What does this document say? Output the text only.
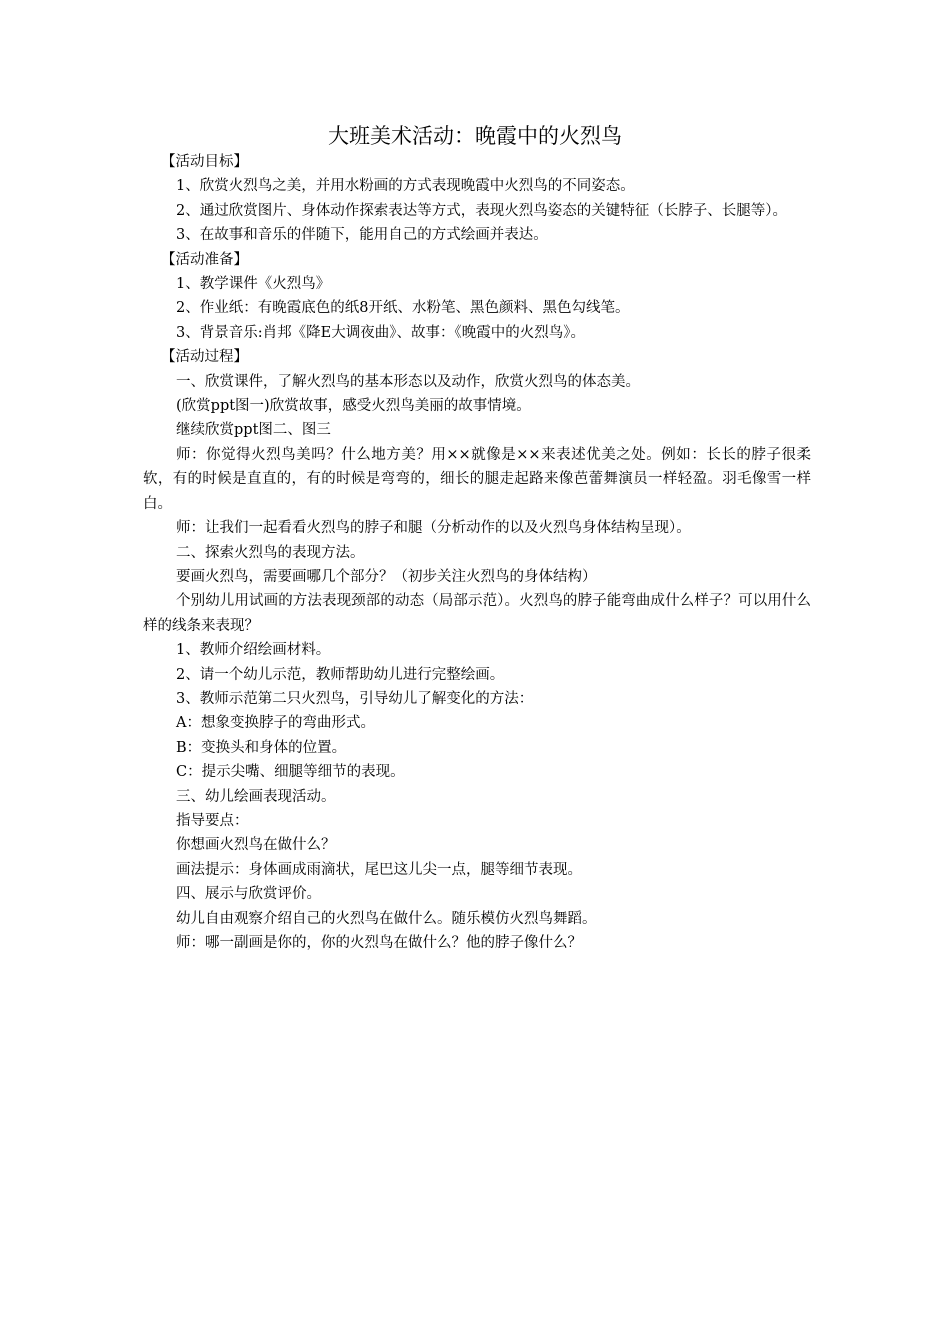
大班美术活动：晚霞中的火烈鸟
【活动目标】
1、欣赏火烈鸟之美，并用水粉画的方式表现晚霞中火烈鸟的不同姿态。
2、通过欣赏图片、身体动作探索表达等方式，表现火烈鸟姿态的关键特征（长脖子、长腿等）。
3、在故事和音乐的伴随下，能用自己的方式绘画并表达。
【活动准备】
1、教学课件《火烈鸟》
2、作业纸：有晚霞底色的纸8开纸、水粉笔、黑色颜料、黑色勾线笔。
3、背景音乐:肖邦《降E大调夜曲》、故事：《晚霞中的火烈鸟》。
【活动过程】
一、欣赏课件，了解火烈鸟的基本形态以及动作，欣赏火烈鸟的体态美。
(欣赏ppt图一)欣赏故事，感受火烈鸟美丽的故事情境。
继续欣赏ppt图二、图三
师：你觉得火烈鸟美吗？什么地方美？用××就像是××来表述优美之处。例如：长长的脖子很柔软，有的时候是直直的，有的时候是弯弯的，细长的腿走起路来像芭蕾舞演员一样轻盈。羽毛像雪一样白。
师：让我们一起看看火烈鸟的脖子和腿（分析动作的以及火烈鸟身体结构呈现）。
二、探索火烈鸟的表现方法。
要画火烈鸟，需要画哪几个部分？（初步关注火烈鸟的身体结构）
个别幼儿用试画的方法表现颈部的动态（局部示范）。火烈鸟的脖子能弯曲成什么样子？可以用什么样的线条来表现？
1、教师介绍绘画材料。
2、请一个幼儿示范，教师帮助幼儿进行完整绘画。
3、教师示范第二只火烈鸟，引导幼儿了解变化的方法：
A：想象变换脖子的弯曲形式。
B：变换头和身体的位置。
C：提示尖嘴、细腿等细节的表现。
三、幼儿绘画表现活动。
指导要点：
你想画火烈鸟在做什么？
画法提示：身体画成雨滴状，尾巴这儿尖一点，腿等细节表现。
四、展示与欣赏评价。
幼儿自由观察介绍自己的火烈鸟在做什么。随乐模仿火烈鸟舞蹈。
师：哪一副画是你的，你的火烈鸟在做什么？他的脖子像什么？
